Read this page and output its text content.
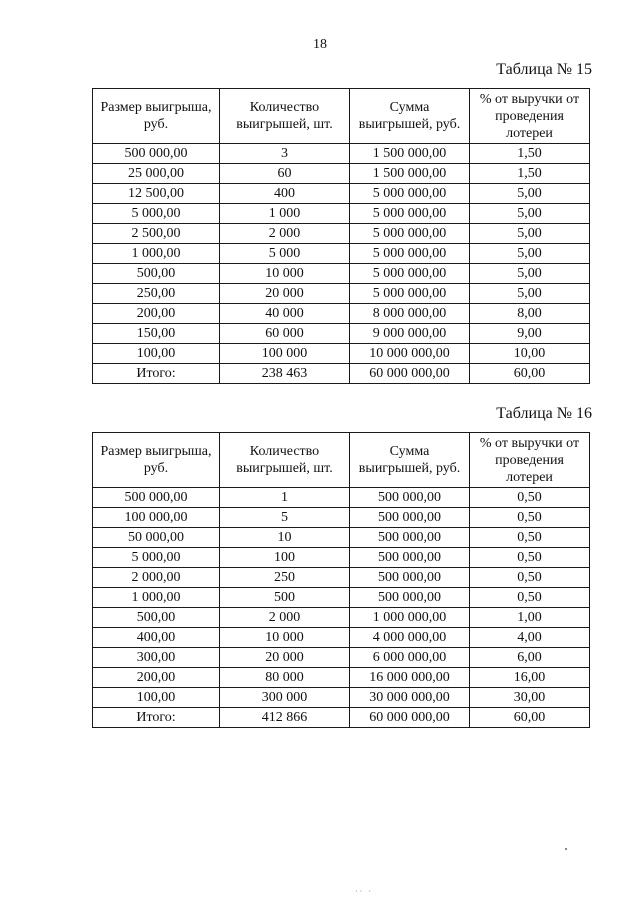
18
Таблица № 15
Размер выигрыша, руб.	Количество выигрышей, шт.	Сумма выигрышей, руб.	% от выручки от проведения лотереи
500 000,00	3	1 500 000,00	1,50
25 000,00	60	1 500 000,00	1,50
12 500,00	400	5 000 000,00	5,00
5 000,00	1 000	5 000 000,00	5,00
2 500,00	2 000	5 000 000,00	5,00
1 000,00	5 000	5 000 000,00	5,00
500,00	10 000	5 000 000,00	5,00
250,00	20 000	5 000 000,00	5,00
200,00	40 000	8 000 000,00	8,00
150,00	60 000	9 000 000,00	9,00
100,00	100 000	10 000 000,00	10,00
Итого:	238 463	60 000 000,00	60,00
Таблица № 16
Размер выигрыша, руб.	Количество выигрышей, шт.	Сумма выигрышей, руб.	% от выручки от проведения лотереи
500 000,00	1	500 000,00	0,50
100 000,00	5	500 000,00	0,50
50 000,00	10	500 000,00	0,50
5 000,00	100	500 000,00	0,50
2 000,00	250	500 000,00	0,50
1 000,00	500	500 000,00	0,50
500,00	2 000	1 000 000,00	1,00
400,00	10 000	4 000 000,00	4,00
300,00	20 000	6 000 000,00	6,00
200,00	80 000	16 000 000,00	16,00
100,00	300 000	30 000 000,00	30,00
Итого:	412 866	60 000 000,00	60,00
·· ·
